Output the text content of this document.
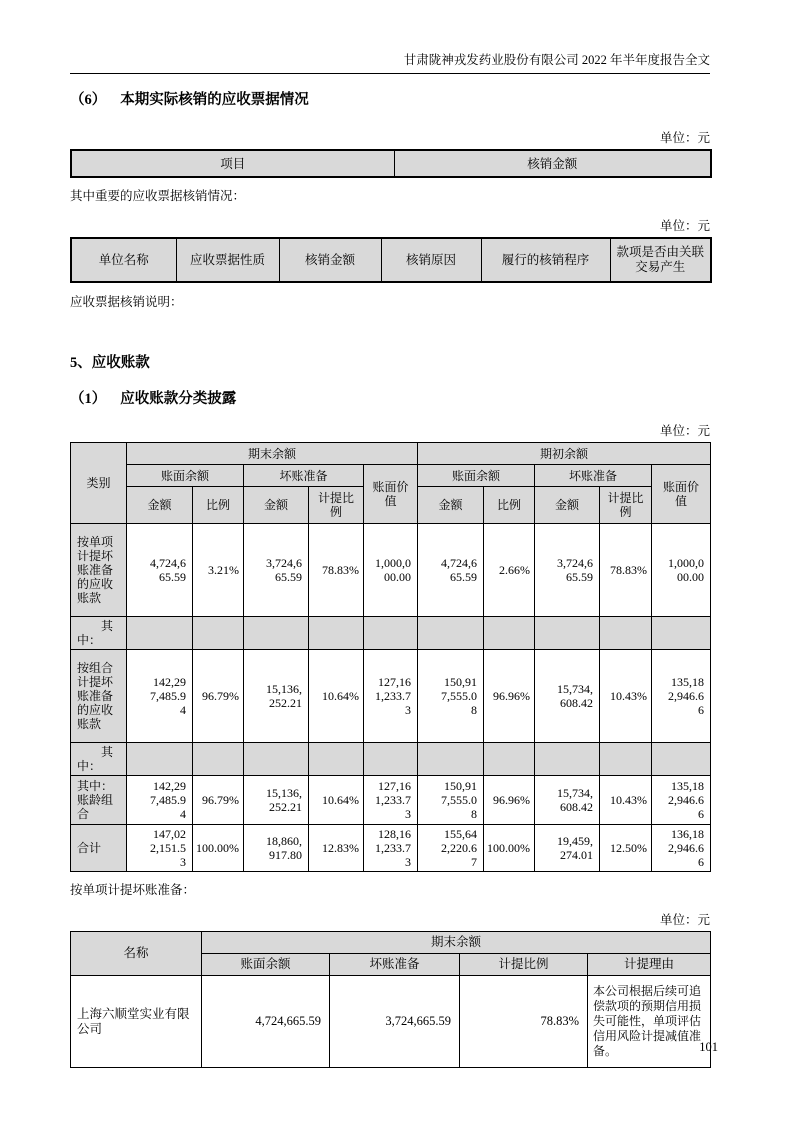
甘肃陇神戎发药业股份有限公司 2022 年半年度报告全文
（6） 本期实际核销的应收票据情况
单位：元
项目	核销金额
其中重要的应收票据核销情况：
单位：元
单位名称	应收票据性质	核销金额	核销原因	履行的核销程序	款项是否由关联交易产生
应收票据核销说明：
5、应收账款
（1） 应收账款分类披露
单位：元
类别	期末余额					期初余额				
	账面余额		坏账准备		账面价值	账面余额		坏账准备		账面价值
	金额	比例	金额	计提比例		金额	比例	金额	计提比例	
按单项计提坏账准备的应收账款	4,724,665.59	3.21%	3,724,665.59	78.83%	1,000,000.00	4,724,665.59	2.66%	3,724,665.59	78.83%	1,000,000.00
其中：										
按组合计提坏账准备的应收账款	142,297,485.94	96.79%	15,136,252.21	10.64%	127,161,233.73	150,917,555.08	96.96%	15,734,608.42	10.43%	135,182,946.66
其中：										
其中：账龄组合	142,297,485.94	96.79%	15,136,252.21	10.64%	127,161,233.73	150,917,555.08	96.96%	15,734,608.42	10.43%	135,182,946.66
合计	147,022,151.53	100.00%	18,860,917.80	12.83%	128,161,233.73	155,642,220.67	100.00%	19,459,274.01	12.50%	136,182,946.66
按单项计提坏账准备：
单位：元
名称	期末余额			
	账面余额	坏账准备	计提比例	计提理由
上海六顺堂实业有限公司	4,724,665.59	3,724,665.59	78.83%	本公司根据后续可追偿款项的预期信用损失可能性，单项评估信用风险计提减值准备。	101
